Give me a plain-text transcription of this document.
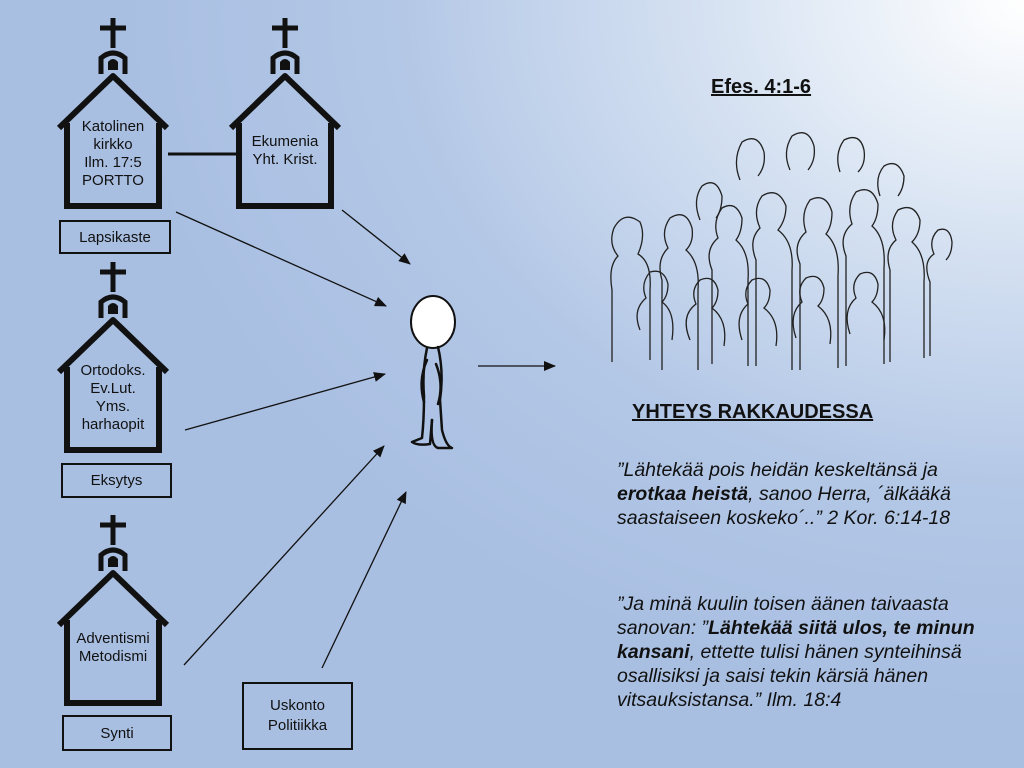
Katolinen
kirkko
Ilm. 17:5
PORTTO
Ekumenia
Yht. Krist.
Ortodoks.
Ev.Lut.
Yms.
harhaopit
Adventismi
Metodismi
Lapsikaste
Eksytys
Synti
Uskonto
Politiikka
Efes. 4:1-6
YHTEYS RAKKAUDESSA
”Lähtekää pois heidän keskeltänsä ja erotkaa heistä, sanoo Herra, ´älkääkä saastaiseen koskeko´..” 2 Kor. 6:14-18
”Ja minä kuulin toisen äänen taivaasta sanovan: ”Lähtekää siitä ulos, te minun kansani, ettette tulisi hänen synteihinsä osallisiksi ja saisi tekin kärsiä hänen vitsauksistansa.” Ilm. 18:4
